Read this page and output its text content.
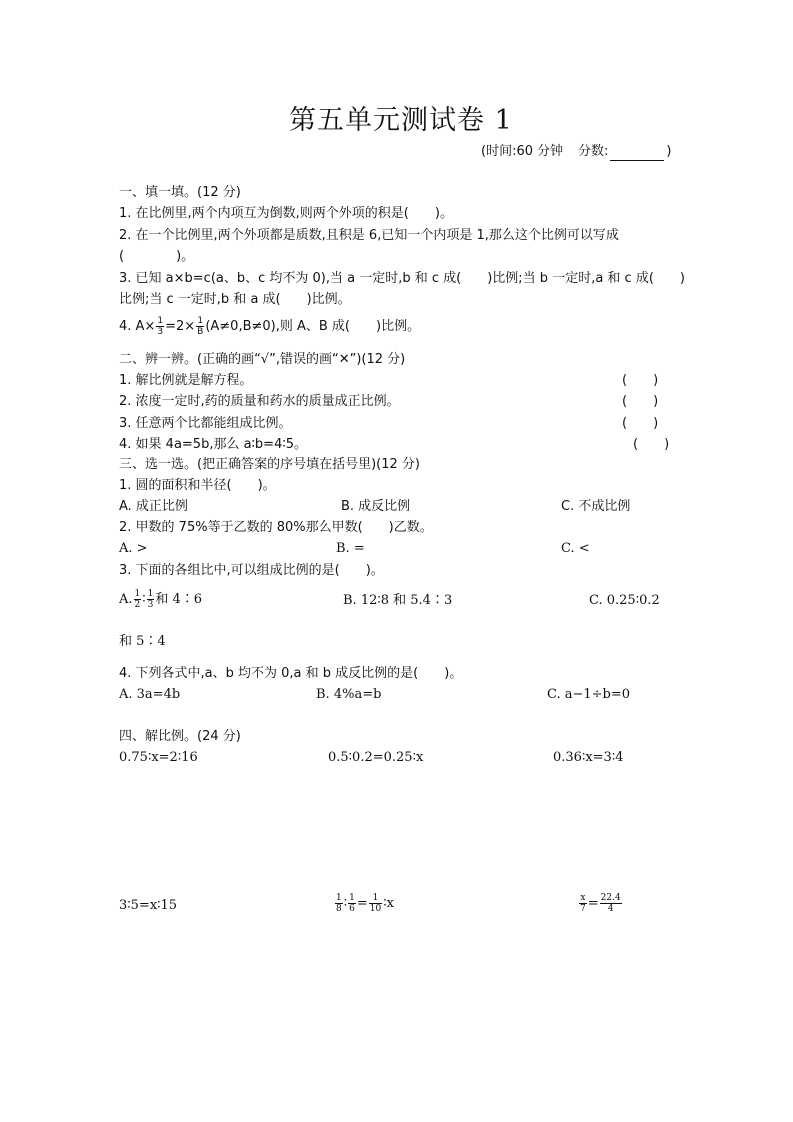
第五单元测试卷 1
(时间:60 分钟 分数:	)
一、填一填。(12 分)
1. 在比例里,两个内项互为倒数,则两个外项的积是(　　)。
2. 在一个比例里,两个外项都是质数,且积是 6,已知一个内项是 1,那么这个比例可以写成
(　　　　)。
3. 已知 a×b=c(a、b、c 均不为 0),当 a 一定时,b 和 c 成(　　)比例;当 b 一定时,a 和 c 成(　　)
比例;当 c 一定时,b 和 a 成(　　)比例。
4. $A\times \frac{1}{3} =2\times \frac{1}{B} (A\ne 0,B\ne 0)$,则 A、B 成(　　)比例。
二、辨一辨。(正确的画“√”,错误的画“✕”)(12 分)
1. 解比例就是解方程。	(　　)
2. 浓度一定时,药的质量和药水的质量成正比例。	(　　)
3. 任意两个比都能组成比例。	(　　)
4. 如果 4a=5b,那么 a∶b=4∶5。	(　　)
三、选一选。(把正确答案的序号填在括号里)(12 分)
1. 圆的面积和半径(　　)。
A. 成正比例	B. 成反比例	C. 不成比例
2. 甲数的 75%等于乙数的 80%那么甲数(　　)乙数。
A. >	B. =	C. <
3. 下面的各组比中,可以组成比例的是(　　)。
A. $\frac{1}{2}$ ∶ $\frac{1}{3}$ 和 4∶6	B. 12∶8 和 5.4∶3	C. 0.25∶0.2
和 5∶4
4. 下列各式中,a、b 均不为 0,a 和 b 成反比例的是(　　)。
A. 3a=4b	B. 4%a=b	C. a−1÷b=0
四、解比例。(24 分)
0.75∶x=2∶16	0.5∶0.2=0.25∶x	0.36∶x=3∶4
3∶5=x∶15	$\frac{1}{8}$ ∶ $\frac{1}{6} = \frac{1}{10}$ ∶x	$\frac{x}{7} = \frac{22.4}{4}$
